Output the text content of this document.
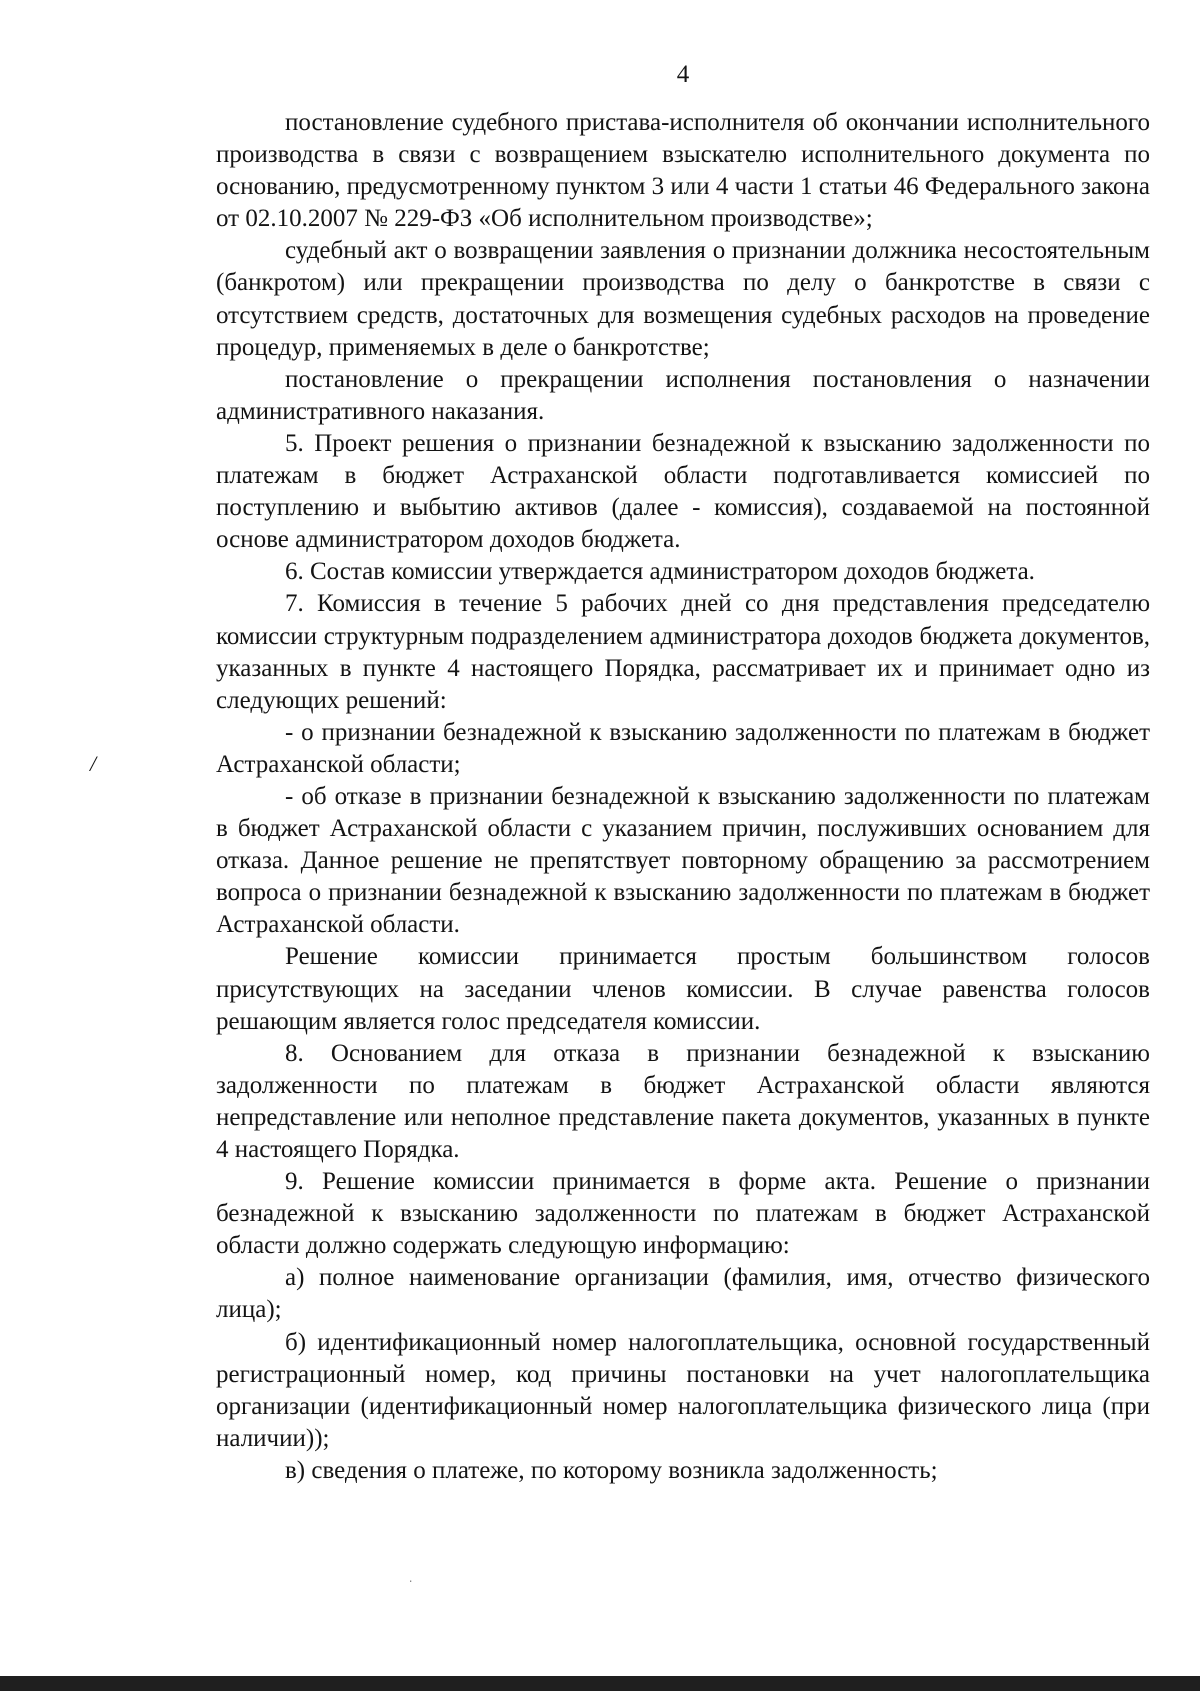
4

постановление судебного пристава-исполнителя об окончании исполнительного производства в связи с возвращением взыскателю исполнительного документа по основанию, предусмотренному пунктом 3 или 4 части 1 статьи 46 Федерального закона от 02.10.2007 № 229-ФЗ «Об исполнительном производстве»;

судебный акт о возвращении заявления о признании должника несостоятельным (банкротом) или прекращении производства по делу о банкротстве в связи с отсутствием средств, достаточных для возмещения судебных расходов на проведение процедур, применяемых в деле о банкротстве;

постановление о прекращении исполнения постановления о назначении административного наказания.

5. Проект решения о признании безнадежной к взысканию задолженности по платежам в бюджет Астраханской области подготавливается комиссией по поступлению и выбытию активов (далее - комиссия), создаваемой на постоянной основе администратором доходов бюджета.

6. Состав комиссии утверждается администратором доходов бюджета.

7. Комиссия в течение 5 рабочих дней со дня представления председателю комиссии структурным подразделением администратора доходов бюджета документов, указанных в пункте 4 настоящего Порядка, рассматривает их и принимает одно из следующих решений:

- о признании безнадежной к взысканию задолженности по платежам в бюджет Астраханской области;

- об отказе в признании безнадежной к взысканию задолженности по платежам в бюджет Астраханской области с указанием причин, послуживших основанием для отказа. Данное решение не препятствует повторному обращению за рассмотрением вопроса о признании безнадежной к взысканию задолженности по платежам в бюджет Астраханской области.

Решение комиссии принимается простым большинством голосов присутствующих на заседании членов комиссии. В случае равенства голосов решающим является голос председателя комиссии.

8. Основанием для отказа в признании безнадежной к взысканию задолженности по платежам в бюджет Астраханской области являются непредставление или неполное представление пакета документов, указанных в пункте 4 настоящего Порядка.

9. Решение комиссии принимается в форме акта. Решение о признании безнадежной к взысканию задолженности по платежам в бюджет Астраханской области должно содержать следующую информацию:

а) полное наименование организации (фамилия, имя, отчество физического лица);

б) идентификационный номер налогоплательщика, основной государственный регистрационный номер, код причины постановки на учет налогоплательщика организации (идентификационный номер налогоплательщика физического лица (при наличии));

в) сведения о платеже, по которому возникла задолженность;

/
٠
